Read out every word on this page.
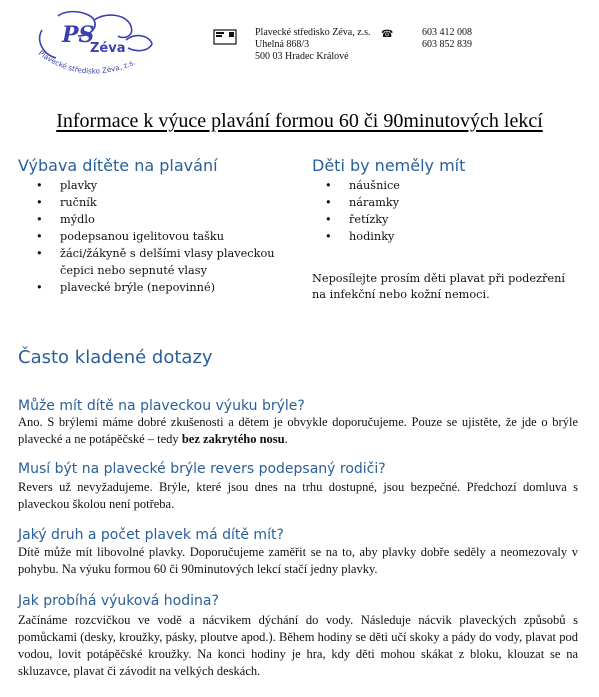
PS
Zéva
Plavecké středisko Zéva, z.s.
Plavecké středisko Zéva, z.s.
Uhelná 868/3
500 03 Hradec Králové
☎	603 412 008
603 852 839
Informace k výuce plavání formou 60 či 90minutových lekcí
Výbava dítěte na plavání
• plavky
• ručník
• mýdlo
• podepsanou igelitovou tašku
• žáci/žákyně s delšími vlasy plaveckou čepici nebo sepnuté vlasy
• plavecké brýle (nepovinné)
Děti by neměly mít
• náušnice
• náramky
• řetízky
• hodinky

Neposílejte prosím děti plavat při podezření na infekční nebo kožní nemoci.

Často kladené dotazy
Může mít dítě na plaveckou výuku brýle?

Ano. S brýlemi máme dobré zkušenosti a dětem je obvykle doporučujeme. Pouze se ujistěte, že jde o brýle plavecké a ne potápěčské – tedy bez zakrytého nosu.

Musí být na plavecké brýle revers podepsaný rodiči?

Revers už nevyžadujeme. Brýle, které jsou dnes na trhu dostupné, jsou bezpečné. Předchozí domluva s plaveckou školou není potřeba.

Jaký druh a počet plavek má dítě mít?

Dítě může mít libovolné plavky. Doporučujeme zaměřit se na to, aby plavky dobře seděly a neomezovaly v pohybu. Na výuku formou 60 či 90minutových lekcí stačí jedny plavky.

Jak probíhá výuková hodina?

Začínáme rozcvičkou ve vodě a nácvikem dýchání do vody. Následuje nácvik plaveckých způsobů s pomůckami (desky, kroužky, pásky, ploutve apod.). Během hodiny se děti učí skoky a pády do vody, plavat pod vodou, lovit potápěčské kroužky. Na konci hodiny je hra, kdy děti mohou skákat z bloku, klouzat se na skluzavce, plavat či závodit na velkých deskách.
